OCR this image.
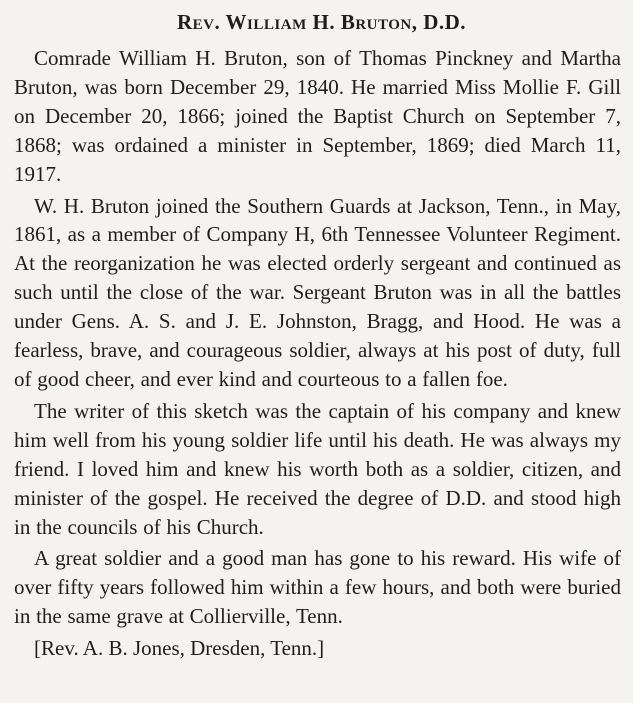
Rev. William H. Bruton, D.D.

Comrade William H. Bruton, son of Thomas Pinckney and Martha Bruton, was born December 29, 1840. He married Miss Mollie F. Gill on December 20, 1866; joined the Baptist Church on September 7, 1868; was ordained a minister in September, 1869; died March 11, 1917.

W. H. Bruton joined the Southern Guards at Jackson, Tenn., in May, 1861, as a member of Company H, 6th Tennessee Volunteer Regiment. At the reorganization he was elected orderly sergeant and continued as such until the close of the war. Sergeant Bruton was in all the battles under Gens. A. S. and J. E. Johnston, Bragg, and Hood. He was a fearless, brave, and courageous soldier, always at his post of duty, full of good cheer, and ever kind and courteous to a fallen foe.

The writer of this sketch was the captain of his company and knew him well from his young soldier life until his death. He was always my friend. I loved him and knew his worth both as a soldier, citizen, and minister of the gospel. He received the degree of D.D. and stood high in the councils of his Church.

A great soldier and a good man has gone to his reward. His wife of over fifty years followed him within a few hours, and both were buried in the same grave at Collierville, Tenn.

[Rev. A. B. Jones, Dresden, Tenn.]
